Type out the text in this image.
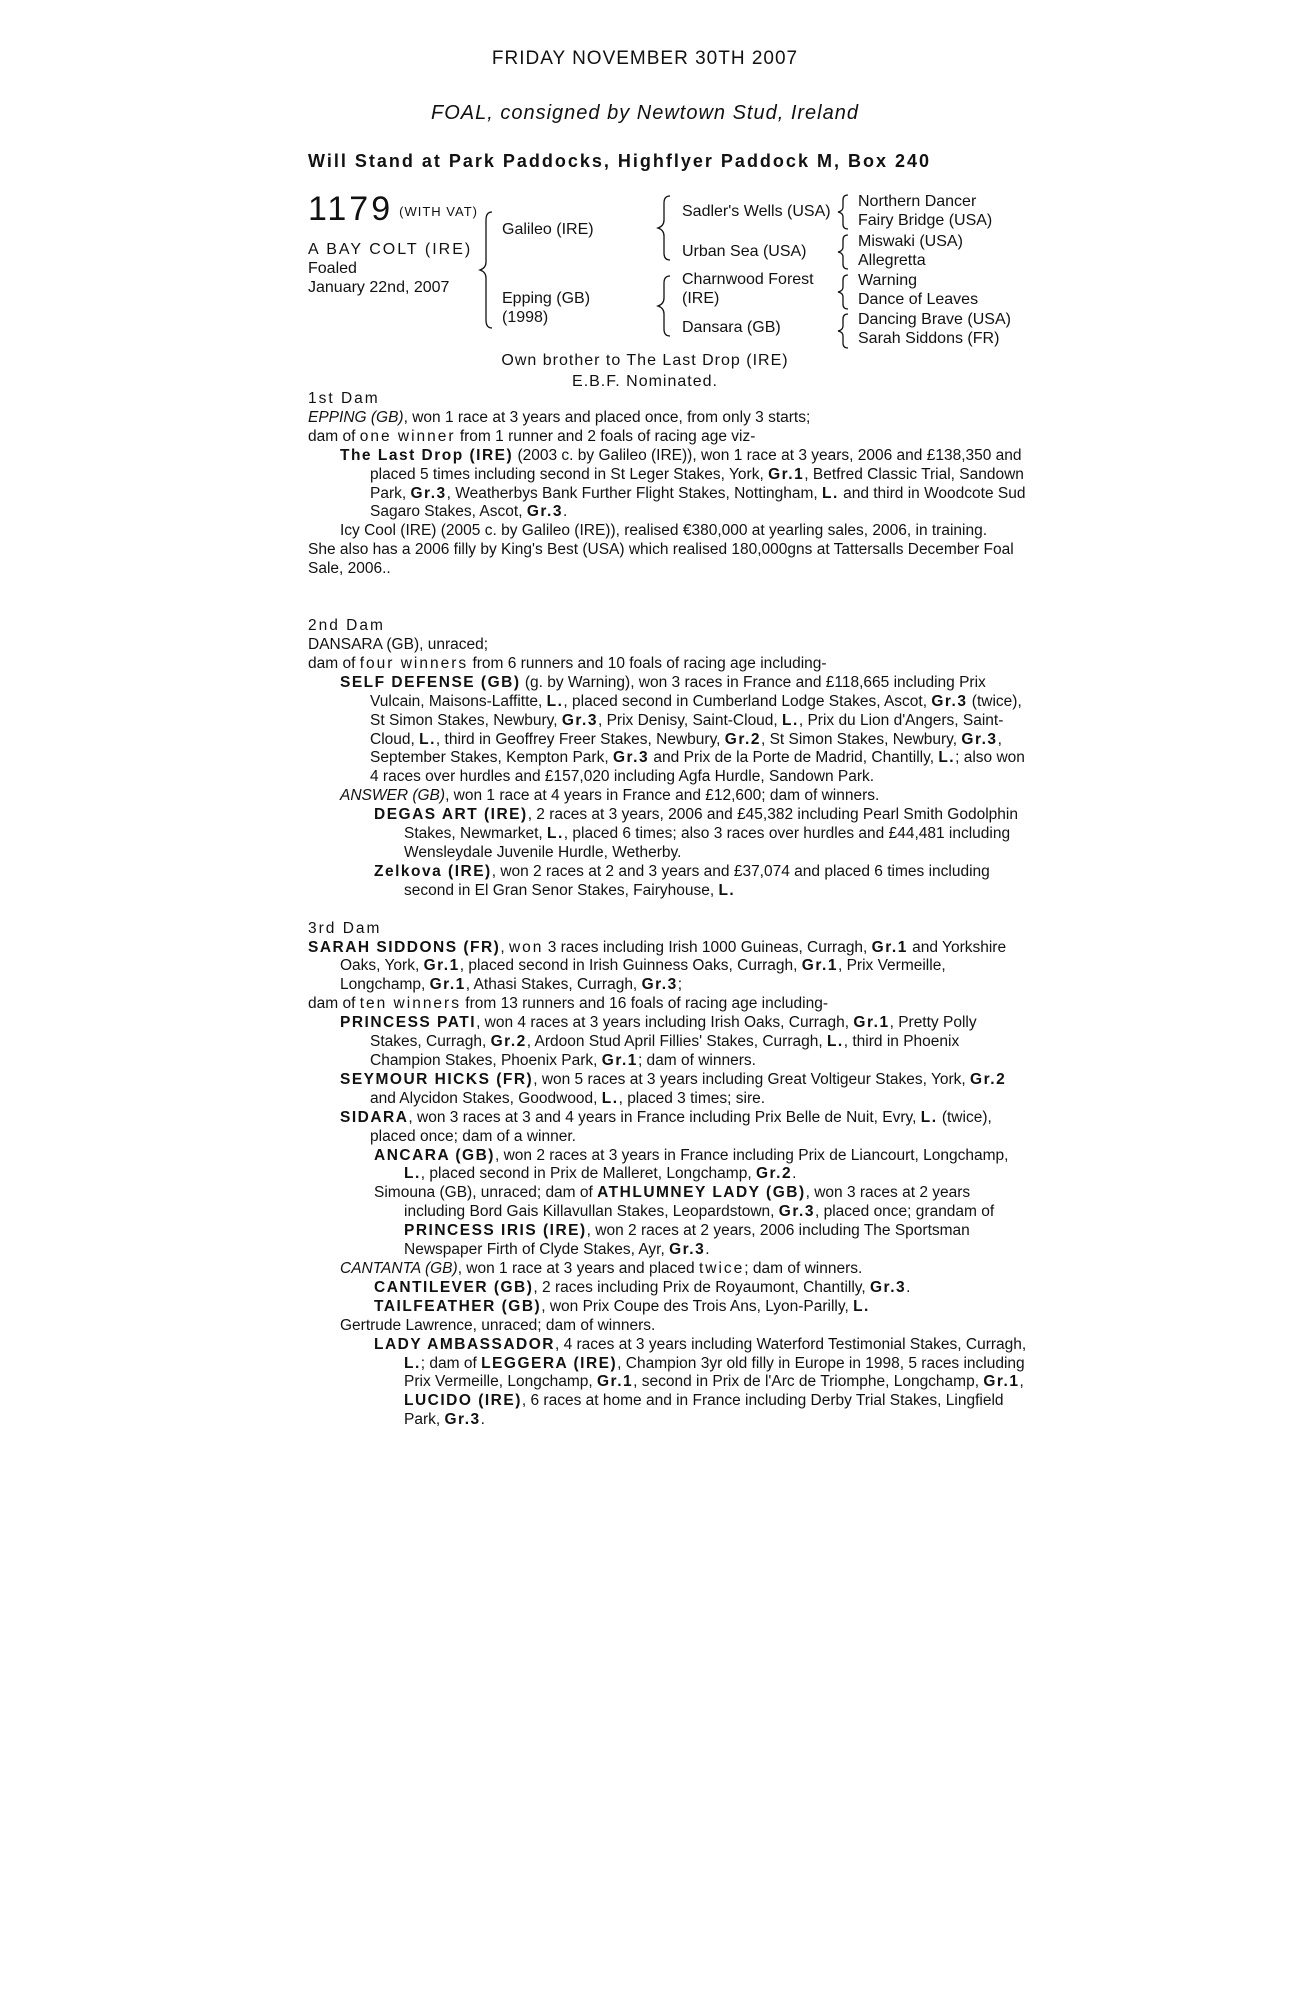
FRIDAY NOVEMBER 30TH 2007
FOAL, consigned by Newtown Stud, Ireland
Will Stand at Park Paddocks, Highflyer Paddock M, Box 240
1179 $^{(WITH VAT)}$
A BAY COLT (IRE)
Foaled
January 22nd, 2007
Galileo (IRE)
Epping (GB)
(1998)
Sadler's Wells (USA)
Urban Sea (USA)
Charnwood Forest
(IRE)
Dansara (GB)
Northern Dancer
Fairy Bridge (USA)
Miswaki (USA)
Allegretta
Warning
Dance of Leaves
Dancing Brave (USA)
Sarah Siddons (FR)
Own brother to The Last Drop (IRE)
E.B.F. Nominated.

1st Dam

EPPING (GB), won 1 race at 3 years and placed once, from only 3 starts;

dam of one winner from 1 runner and 2 foals of racing age viz-

The Last Drop (IRE) (2003 c. by Galileo (IRE)), won 1 race at 3 years, 2006 and £138,350 and placed 5 times including second in St Leger Stakes, York, Gr.1, Betfred Classic Trial, Sandown Park, Gr.3, Weatherbys Bank Further Flight Stakes, Nottingham, L. and third in Woodcote Sud Sagaro Stakes, Ascot, Gr.3.

Icy Cool (IRE) (2005 c. by Galileo (IRE)), realised €380,000 at yearling sales, 2006, in training.

She also has a 2006 filly by King's Best (USA) which realised 180,000gns at Tattersalls December Foal Sale, 2006..

2nd Dam

DANSARA (GB), unraced;

dam of four winners from 6 runners and 10 foals of racing age including-

SELF DEFENSE (GB) (g. by Warning), won 3 races in France and £118,665 including Prix Vulcain, Maisons-Laffitte, L., placed second in Cumberland Lodge Stakes, Ascot, Gr.3 (twice), St Simon Stakes, Newbury, Gr.3, Prix Denisy, Saint-Cloud, L., Prix du Lion d'Angers, Saint-Cloud, L., third in Geoffrey Freer Stakes, Newbury, Gr.2, St Simon Stakes, Newbury, Gr.3, September Stakes, Kempton Park, Gr.3 and Prix de la Porte de Madrid, Chantilly, L.; also won 4 races over hurdles and £157,020 including Agfa Hurdle, Sandown Park.

ANSWER (GB), won 1 race at 4 years in France and £12,600; dam of winners.

DEGAS ART (IRE), 2 races at 3 years, 2006 and £45,382 including Pearl Smith Godolphin Stakes, Newmarket, L., placed 6 times; also 3 races over hurdles and £44,481 including Wensleydale Juvenile Hurdle, Wetherby.

Zelkova (IRE), won 2 races at 2 and 3 years and £37,074 and placed 6 times including second in El Gran Senor Stakes, Fairyhouse, L.

3rd Dam

SARAH SIDDONS (FR), won 3 races including Irish 1000 Guineas, Curragh, Gr.1 and Yorkshire Oaks, York, Gr.1, placed second in Irish Guinness Oaks, Curragh, Gr.1, Prix Vermeille, Longchamp, Gr.1, Athasi Stakes, Curragh, Gr.3;

dam of ten winners from 13 runners and 16 foals of racing age including-

PRINCESS PATI, won 4 races at 3 years including Irish Oaks, Curragh, Gr.1, Pretty Polly Stakes, Curragh, Gr.2, Ardoon Stud April Fillies' Stakes, Curragh, L., third in Phoenix Champion Stakes, Phoenix Park, Gr.1; dam of winners.

SEYMOUR HICKS (FR), won 5 races at 3 years including Great Voltigeur Stakes, York, Gr.2 and Alycidon Stakes, Goodwood, L., placed 3 times; sire.

SIDARA, won 3 races at 3 and 4 years in France including Prix Belle de Nuit, Evry, L. (twice), placed once; dam of a winner.

ANCARA (GB), won 2 races at 3 years in France including Prix de Liancourt, Longchamp, L., placed second in Prix de Malleret, Longchamp, Gr.2.

Simouna (GB), unraced; dam of ATHLUMNEY LADY (GB), won 3 races at 2 years including Bord Gais Killavullan Stakes, Leopardstown, Gr.3, placed once; grandam of PRINCESS IRIS (IRE), won 2 races at 2 years, 2006 including The Sportsman Newspaper Firth of Clyde Stakes, Ayr, Gr.3.

CANTANTA (GB), won 1 race at 3 years and placed twice; dam of winners.

CANTILEVER (GB), 2 races including Prix de Royaumont, Chantilly, Gr.3.

TAILFEATHER (GB), won Prix Coupe des Trois Ans, Lyon-Parilly, L.

Gertrude Lawrence, unraced; dam of winners.

LADY AMBASSADOR, 4 races at 3 years including Waterford Testimonial Stakes, Curragh, L.; dam of LEGGERA (IRE), Champion 3yr old filly in Europe in 1998, 5 races including Prix Vermeille, Longchamp, Gr.1, second in Prix de l'Arc de Triomphe, Longchamp, Gr.1, LUCIDO (IRE), 6 races at home and in France including Derby Trial Stakes, Lingfield Park, Gr.3.
